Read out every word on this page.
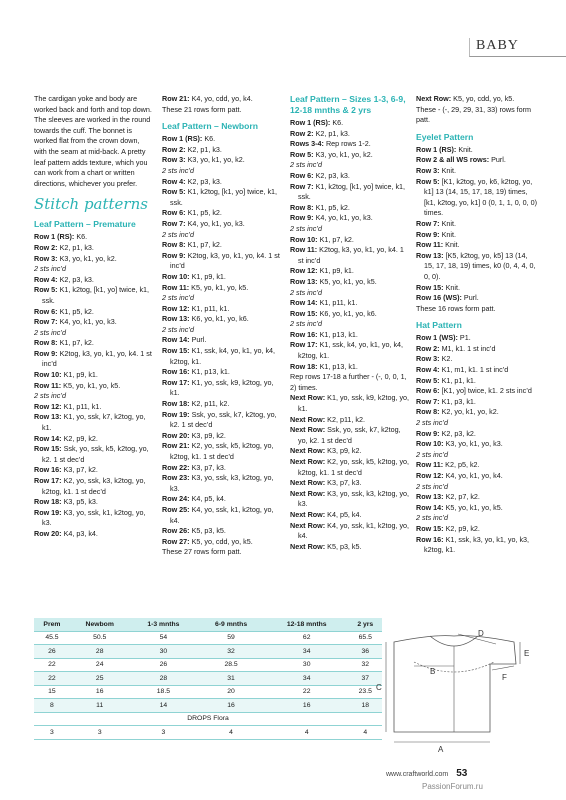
BABY

The cardigan yoke and body are worked back and forth and top down. The sleeves are worked in the round towards the cuff. The bonnet is worked flat from the crown down, with the seam at mid-back. A pretty leaf pattern adds texture, which you can work from a chart or written directions, whichever you prefer.

Stitch patterns
Leaf Pattern – Premature

Row 1 (RS): K6.

Row 2: K2, p1, k3.

Row 3: K3, yo, k1, yo, k2.

2 sts inc’d

Row 4: K2, p3, k3.

Row 5: K1, k2tog, [k1, yo] twice, k1, ssk.

Row 6: K1, p5, k2.

Row 7: K4, yo, k1, yo, k3.

2 sts inc’d

Row 8: K1, p7, k2.

Row 9: K2tog, k3, yo, k1, yo, k4. 1 st inc’d

Row 10: K1, p9, k1.

Row 11: K5, yo, k1, yo, k5.

2 sts inc’d

Row 12: K1, p11, k1.

Row 13: K1, yo, ssk, k7, k2tog, yo, k1.

Row 14: K2, p9, k2.

Row 15: Ssk, yo, ssk, k5, k2tog, yo, k2. 1 st dec’d

Row 16: K3, p7, k2.

Row 17: K2, yo, ssk, k3, k2tog, yo, k2tog, k1. 1 st dec’d

Row 18: K3, p5, k3.

Row 19: K3, yo, ssk, k1, k2tog, yo, k3.

Row 20: K4, p3, k4.

Row 21: K4, yo, cdd, yo, k4.

These 21 rows form patt.

Leaf Pattern – Newborn

Row 1 (RS): K6.

Row 2: K2, p1, k3.

Row 3: K3, yo, k1, yo, k2.

2 sts inc’d

Row 4: K2, p3, k3.

Row 5: K1, k2tog, [k1, yo] twice, k1, ssk.

Row 6: K1, p5, k2.

Row 7: K4, yo, k1, yo, k3.

2 sts inc’d

Row 8: K1, p7, k2.

Row 9: K2tog, k3, yo, k1, yo, k4. 1 st inc’d

Row 10: K1, p9, k1.

Row 11: K5, yo, k1, yo, k5.

2 sts inc’d

Row 12: K1, p11, k1.

Row 13: K6, yo, k1, yo, k6.

2 sts inc’d

Row 14: Purl.

Row 15: K1, ssk, k4, yo, k1, yo, k4, k2tog, k1.

Row 16: K1, p13, k1.

Row 17: K1, yo, ssk, k9, k2tog, yo, k1.

Row 18: K2, p11, k2.

Row 19: Ssk, yo, ssk, k7, k2tog, yo, k2. 1 st dec’d

Row 20: K3, p9, k2.

Row 21: K2, yo, ssk, k5, k2tog, yo, k2tog, k1. 1 st dec’d

Row 22: K3, p7, k3.

Row 23: K3, yo, ssk, k3, k2tog, yo, k3.

Row 24: K4, p5, k4.

Row 25: K4, yo, ssk, k1, k2tog, yo, k4.

Row 26: K5, p3, k5.

Row 27: K5, yo, cdd, yo, k5.

These 27 rows form patt.

Leaf Pattern – Sizes 1-3, 6-9, 12-18 mnths & 2 yrs

Row 1 (RS): K6.

Row 2: K2, p1, k3.

Rows 3-4: Rep rows 1-2.

Row 5: K3, yo, k1, yo, k2.

2 sts inc’d

Row 6: K2, p3, k3.

Row 7: K1, k2tog, [k1, yo] twice, k1, ssk.

Row 8: K1, p5, k2.

Row 9: K4, yo, k1, yo, k3.

2 sts inc’d

Row 10: K1, p7, k2.

Row 11: K2tog, k3, yo, k1, yo, k4. 1 st inc’d

Row 12: K1, p9, k1.

Row 13: K5, yo, k1, yo, k5.

2 sts inc’d

Row 14: K1, p11, k1.

Row 15: K6, yo, k1, yo, k6.

2 sts inc’d

Row 16: K1, p13, k1.

Row 17: K1, ssk, k4, yo, k1, yo, k4, k2tog, k1.

Row 18: K1, p13, k1.

Rep rows 17-18 a further - (-, 0, 0, 1, 2) times.

Next Row: K1, yo, ssk, k9, k2tog, yo, k1.

Next Row: K2, p11, k2.

Next Row: Ssk, yo, ssk, k7, k2tog, yo, k2. 1 st dec’d

Next Row: K3, p9, k2.

Next Row: K2, yo, ssk, k5, k2tog, yo, k2tog, k1. 1 st dec’d

Next Row: K3, p7, k3.

Next Row: K3, yo, ssk, k3, k2tog, yo, k3.

Next Row: K4, p5, k4.

Next Row: K4, yo, ssk, k1, k2tog, yo, k4.

Next Row: K5, p3, k5.

Next Row: K5, yo, cdd, yo, k5.

These - (-, 29, 29, 31, 33) rows form patt.

Eyelet Pattern

Row 1 (RS): Knit.

Row 2 & all WS rows: Purl.

Row 3: Knit.

Row 5: [K1, k2tog, yo, k6, k2tog, yo, k1] 13 (14, 15, 17, 18, 19) times, [k1, k2tog, yo, k1] 0 (0, 1, 1, 0, 0, 0) times.

Row 7: Knit.

Row 9: Knit.

Row 11: Knit.

Row 13: [K5, k2tog, yo, k5] 13 (14, 15, 17, 18, 19) times, k0 (0, 4, 4, 0, 0, 0).

Row 15: Knit.

Row 16 (WS): Purl.

These 16 rows form patt.

Hat Pattern

Row 1 (WS): P1.

Row 2: M1, k1. 1 st inc’d

Row 3: K2.

Row 4: K1, m1, k1. 1 st inc’d

Row 5: K1, p1, k1.

Row 6: [K1, yo] twice, k1. 2 sts inc’d

Row 7: K1, p3, k1.

Row 8: K2, yo, k1, yo, k2.

2 sts inc’d

Row 9: K2, p3, k2.

Row 10: K3, yo, k1, yo, k3.

2 sts inc’d

Row 11: K2, p5, k2.

Row 12: K4, yo, k1, yo, k4.

2 sts inc’d

Row 13: K2, p7, k2.

Row 14: K5, yo, k1, yo, k5.

2 sts inc’d

Row 15: K2, p9, k2.

Row 16: K1, ssk, k3, yo, k1, yo, k3, k2tog, k1.

Prem	Newbom	1-3 mnths	6-9 mnths	12-18 mnths	2 yrs
45.5	50.5	54	59	62	65.5
26	28	30	32	34	36
22	24	26	28.5	30	32
22	25	28	31	34	37
15	16	18.5	20	22	23.5
8	11	14	16	16	18
DROPS Flora					
3	3	3	4	4	4
A
B
C
D
E
F
www.craftworld.com 53
PassionForum.ru
